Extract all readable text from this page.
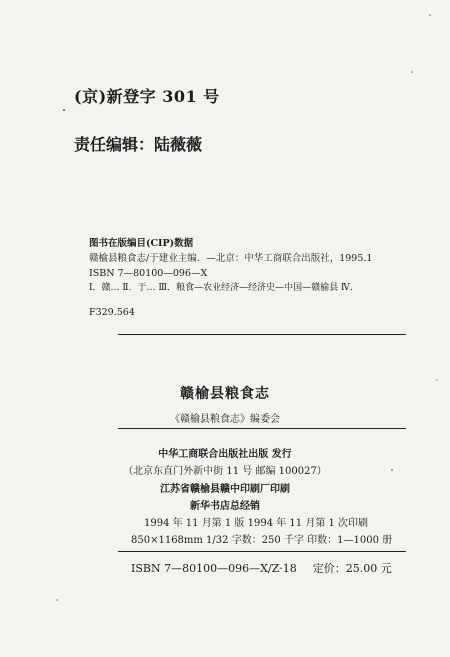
(京)新登字 301 号
责任编辑：陆薇薇
图书在版编目(CIP)数据
赣榆县粮食志/于建业主编．—北京：中华工商联合出版社，1995.1
ISBN 7—80100—096—X
Ⅰ．赣… Ⅱ．于… Ⅲ．粮食—农业经济—经济史—中国—赣榆县 Ⅳ．
F329.564
赣榆县粮食志
《赣榆县粮食志》编委会
中华工商联合出版社出版 发行
（北京东直门外新中街 11 号 邮编 100027）
江苏省赣榆县赣中印刷厂印刷
新华书店总经销
1994 年 11 月第 1 版 1994 年 11 月第 1 次印刷
850×1168mm 1/32 字数：250 千字 印数：1—1000 册
ISBN 7—80100—096—X/Z·18 定价：25.00 元
